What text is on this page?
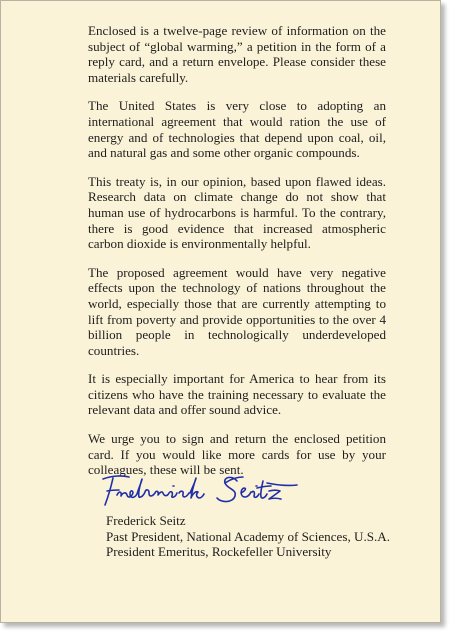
Enclosed is a twelve-page review of information on the subject of “global warming,” a petition in the form of a reply card, and a return envelope. Please consider these materials carefully.

The United States is very close to adopting an international agreement that would ration the use of energy and of technologies that depend upon coal, oil, and natural gas and some other organic compounds.

This treaty is, in our opinion, based upon flawed ideas. Research data on climate change do not show that human use of hydrocarbons is harmful. To the contrary, there is good evidence that increased atmospheric carbon dioxide is environmentally helpful.

The proposed agreement would have very negative effects upon the technology of nations throughout the world, especially those that are currently attempting to lift from poverty and provide opportunities to the over 4 billion people in technologically underdeveloped countries.

It is especially important for America to hear from its citizens who have the training necessary to evaluate the relevant data and offer sound advice.

We urge you to sign and return the enclosed petition card. If you would like more cards for use by your colleagues, these will be sent.

Frederick Seitz
Past President, National Academy of Sciences, U.S.A.
President Emeritus, Rockefeller University
